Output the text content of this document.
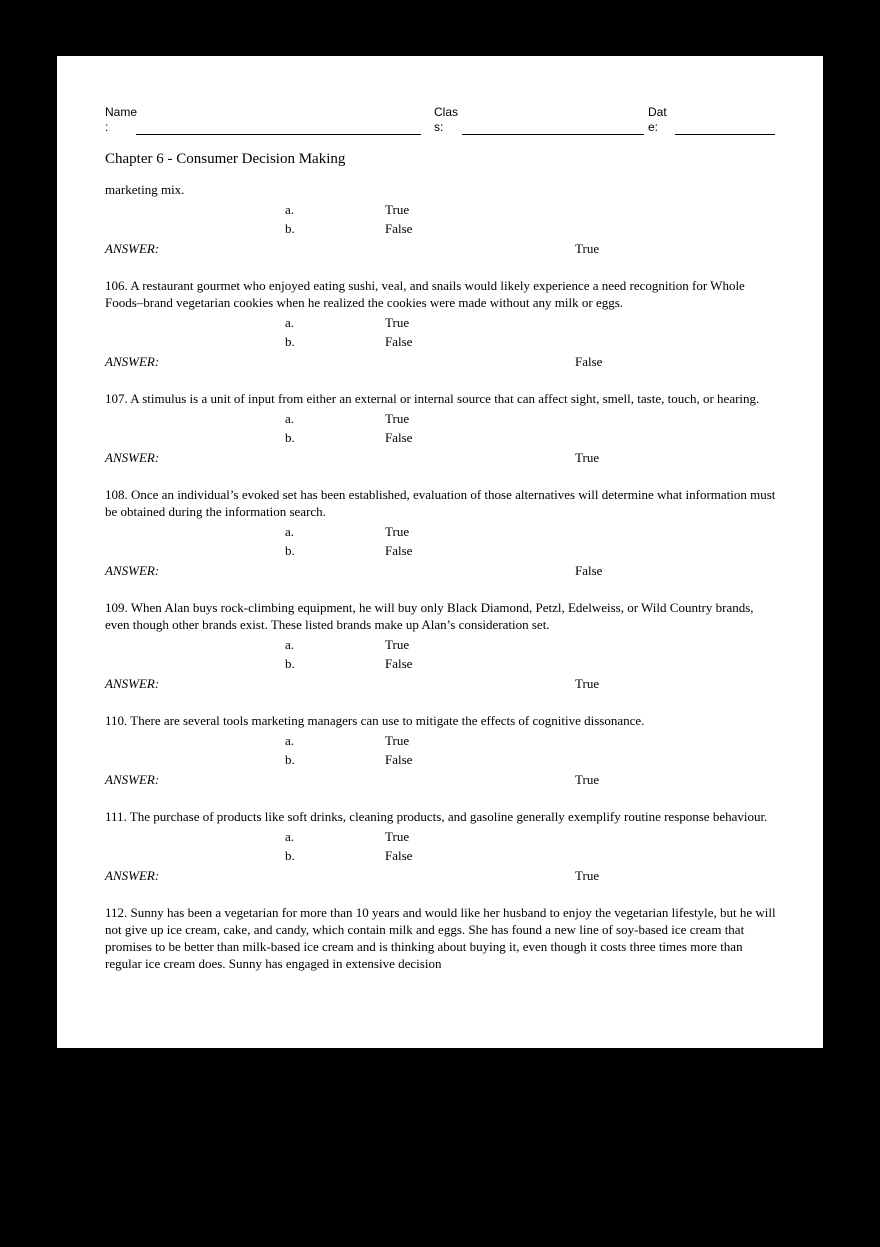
Name
:
Clas
s:
Dat
e:
Chapter 6 - Consumer Decision Making
marketing mix.
a.	True
b.	False
ANSWER:	True
106. A restaurant gourmet who enjoyed eating sushi, veal, and snails would likely experience a need recognition for Whole Foods–brand vegetarian cookies when he realized the cookies were made without any milk or eggs.
a.	True
b.	False
ANSWER:	False
107. A stimulus is a unit of input from either an external or internal source that can affect sight, smell, taste, touch, or hearing.
a.	True
b.	False
ANSWER:	True
108. Once an individual’s evoked set has been established, evaluation of those alternatives will determine what information must be obtained during the information search.
a.	True
b.	False
ANSWER:	False
109. When Alan buys rock-climbing equipment, he will buy only Black Diamond, Petzl, Edelweiss, or Wild Country brands, even though other brands exist. These listed brands make up Alan’s consideration set.
a.	True
b.	False
ANSWER:	True
110. There are several tools marketing managers can use to mitigate the effects of cognitive dissonance.
a.	True
b.	False
ANSWER:	True
111. The purchase of products like soft drinks, cleaning products, and gasoline generally exemplify routine response behaviour.
a.	True
b.	False
ANSWER:	True
112. Sunny has been a vegetarian for more than 10 years and would like her husband to enjoy the vegetarian lifestyle, but he will not give up ice cream, cake, and candy, which contain milk and eggs. She has found a new line of soy-based ice cream that promises to be better than milk-based ice cream and is thinking about buying it, even though it costs three times more than regular ice cream does. Sunny has engaged in extensive decision
